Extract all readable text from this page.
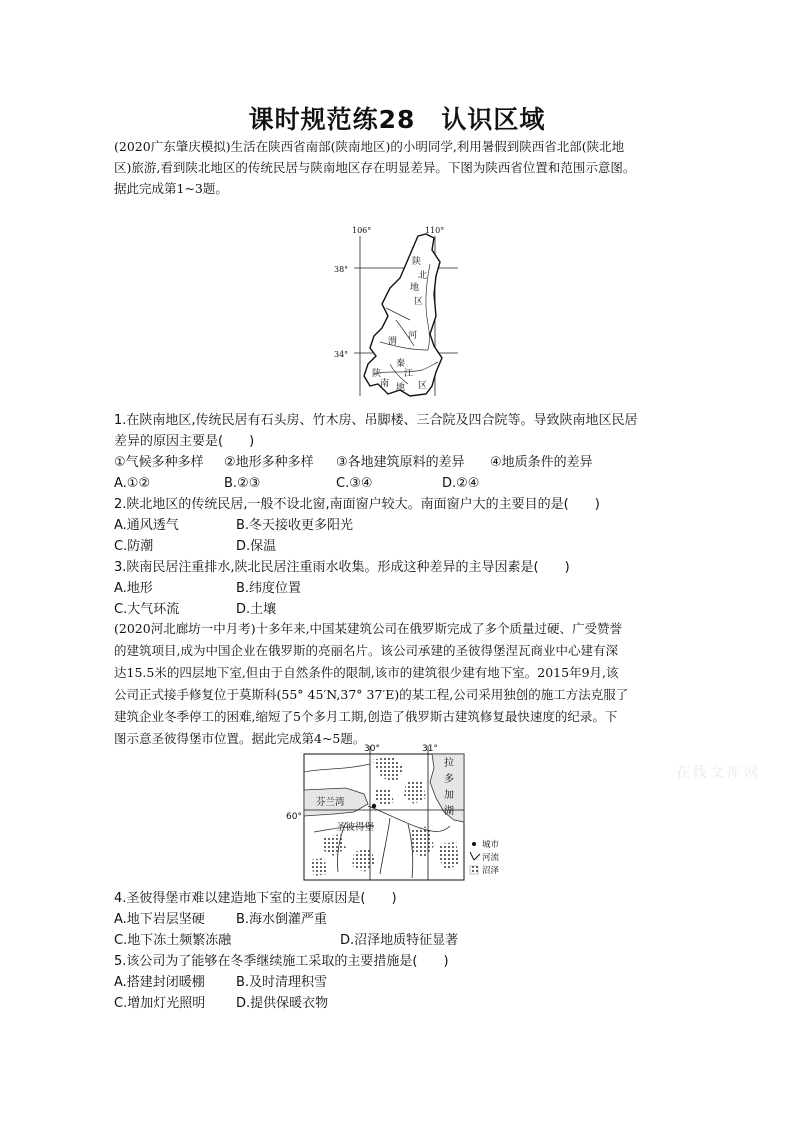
课时规范练28　认识区域

(2020广东肇庆模拟)生活在陕西省南部(陕南地区)的小明同学,利用暑假到陕西省北部(陕北地

区)旅游,看到陕北地区的传统民居与陕南地区存在明显差异。下图为陕西省位置和范围示意图。

据此完成第1~3题。

106°	110°
38°
34°
陕
北
地
区
渭
河
陕
南
秦
江
地 区

1.在陕南地区,传统民居有石头房、竹木房、吊脚楼、三合院及四合院等。导致陕南地区民居

差异的原因主要是(　　)

①气候多种多样 ②地形多种多样 ③各地建筑原料的差异 ④地质条件的差异
A.①②	B.②③	C.③④	D.②④

2.陕北地区的传统民居,一般不设北窗,南面窗户较大。南面窗户大的主要目的是(　　)

A.通风透气	B.冬天接收更多阳光
C.防潮	D.保温

3.陕南民居注重排水,陕北民居注重雨水收集。形成这种差异的主导因素是(　　)

A.地形	B.纬度位置
C.大气环流	D.土壤

(2020河北廊坊一中月考)十多年来,中国某建筑公司在俄罗斯完成了多个质量过硬、广受赞誉

的建筑项目,成为中国企业在俄罗斯的亮丽名片。该公司承建的圣彼得堡涅瓦商业中心建有深

达15.5米的四层地下室,但由于自然条件的限制,该市的建筑很少建有地下室。2015年9月,该

公司正式接手修复位于莫斯科(55° 45′N,37° 37′E)的某工程,公司采用独创的施工方法克服了

建筑企业冬季停工的困难,缩短了5个多月工期,创造了俄罗斯古建筑修复最快速度的纪录。下

图示意圣彼得堡市位置。据此完成第4~5题。

30°	31°
60°
芬兰湾
圣彼得堡
拉
多
加
湖
城市
河流
沼泽
在线文库网

4.圣彼得堡市难以建造地下室的主要原因是(　　)

A.地下岩层坚硬 B.海水倒灌严重
C.地下冻土频繁冻融	D.沼泽地质特征显著

5.该公司为了能够在冬季继续施工采取的主要措施是(　　)

A.搭建封闭暖棚 B.及时清理积雪
C.增加灯光照明 D.提供保暖衣物
